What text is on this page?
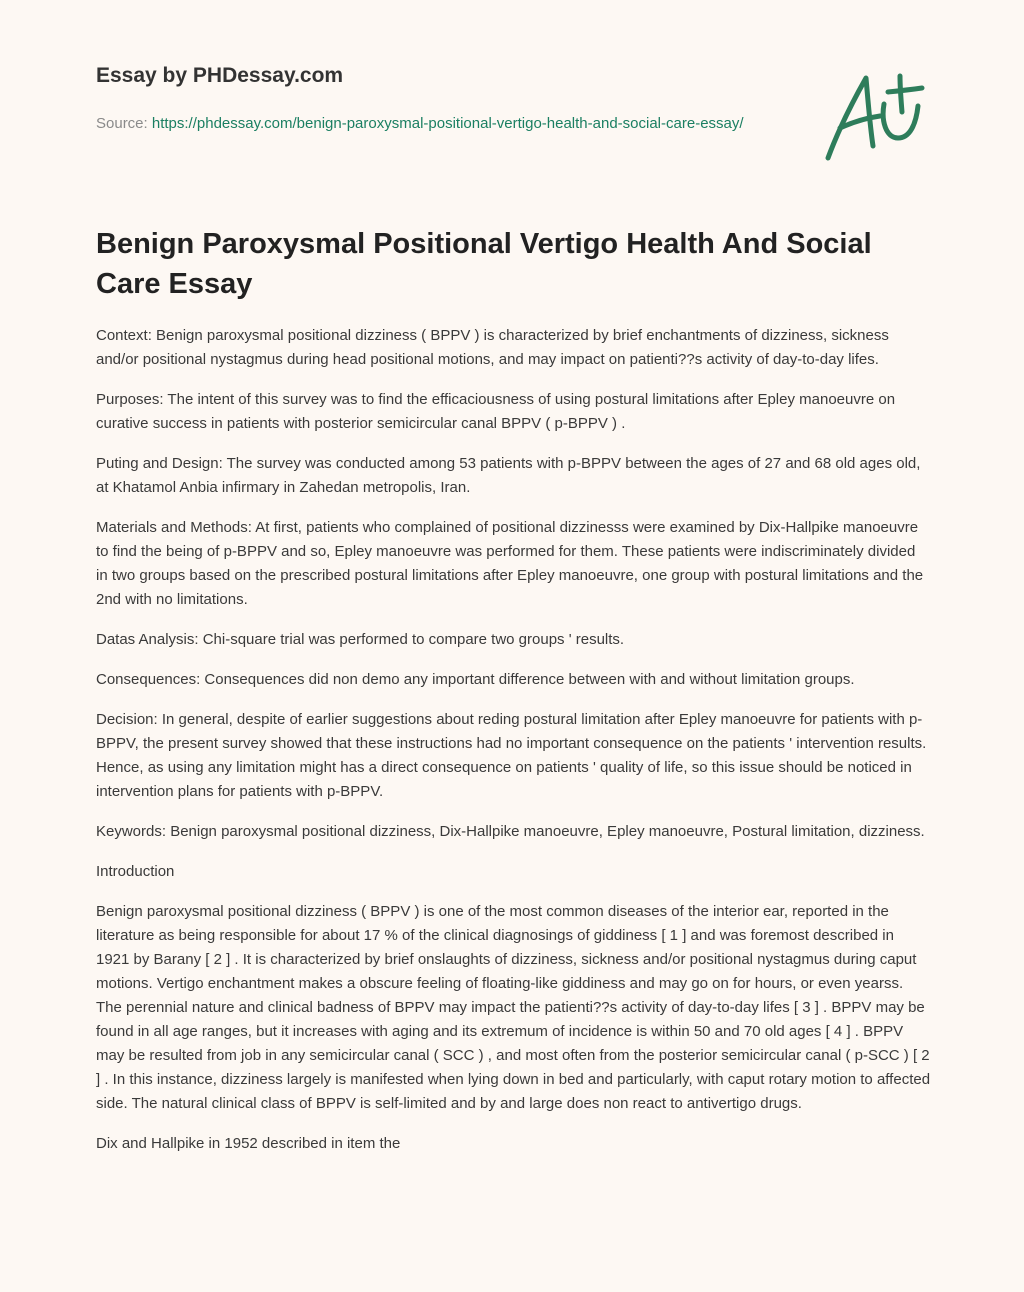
Essay by PHDessay.com
Source: https://phdessay.com/benign-paroxysmal-positional-vertigo-health-and-social-care-essay/
Benign Paroxysmal Positional Vertigo Health And Social Care Essay

Context: Benign paroxysmal positional dizziness ( BPPV ) is characterized by brief enchantments of dizziness, sickness and/or positional nystagmus during head positional motions, and may impact on patienti??s activity of day-to-day lifes.

Purposes: The intent of this survey was to find the efficaciousness of using postural limitations after Epley manoeuvre on curative success in patients with posterior semicircular canal BPPV ( p-BPPV ) .

Puting and Design: The survey was conducted among 53 patients with p-BPPV between the ages of 27 and 68 old ages old, at Khatamol Anbia infirmary in Zahedan metropolis, Iran.

Materials and Methods: At first, patients who complained of positional dizzinesss were examined by Dix-Hallpike manoeuvre to find the being of p-BPPV and so, Epley manoeuvre was performed for them. These patients were indiscriminately divided in two groups based on the prescribed postural limitations after Epley manoeuvre, one group with postural limitations and the 2nd with no limitations.

Datas Analysis: Chi-square trial was performed to compare two groups ' results.

Consequences: Consequences did non demo any important difference between with and without limitation groups.

Decision: In general, despite of earlier suggestions about reding postural limitation after Epley manoeuvre for patients with p-BPPV, the present survey showed that these instructions had no important consequence on the patients ' intervention results. Hence, as using any limitation might has a direct consequence on patients ' quality of life, so this issue should be noticed in intervention plans for patients with p-BPPV.

Keywords: Benign paroxysmal positional dizziness, Dix-Hallpike manoeuvre, Epley manoeuvre, Postural limitation, dizziness.

Introduction

Benign paroxysmal positional dizziness ( BPPV ) is one of the most common diseases of the interior ear, reported in the literature as being responsible for about 17 % of the clinical diagnosings of giddiness [ 1 ] and was foremost described in 1921 by Barany [ 2 ] . It is characterized by brief onslaughts of dizziness, sickness and/or positional nystagmus during caput motions. Vertigo enchantment makes a obscure feeling of floating-like giddiness and may go on for hours, or even yearss. The perennial nature and clinical badness of BPPV may impact the patienti??s activity of day-to-day lifes [ 3 ] . BPPV may be found in all age ranges, but it increases with aging and its extremum of incidence is within 50 and 70 old ages [ 4 ] . BPPV may be resulted from job in any semicircular canal ( SCC ) , and most often from the posterior semicircular canal ( p-SCC ) [ 2 ] . In this instance, dizziness largely is manifested when lying down in bed and particularly, with caput rotary motion to affected side. The natural clinical class of BPPV is self-limited and by and large does non react to antivertigo drugs.

Dix and Hallpike in 1952 described in item the
